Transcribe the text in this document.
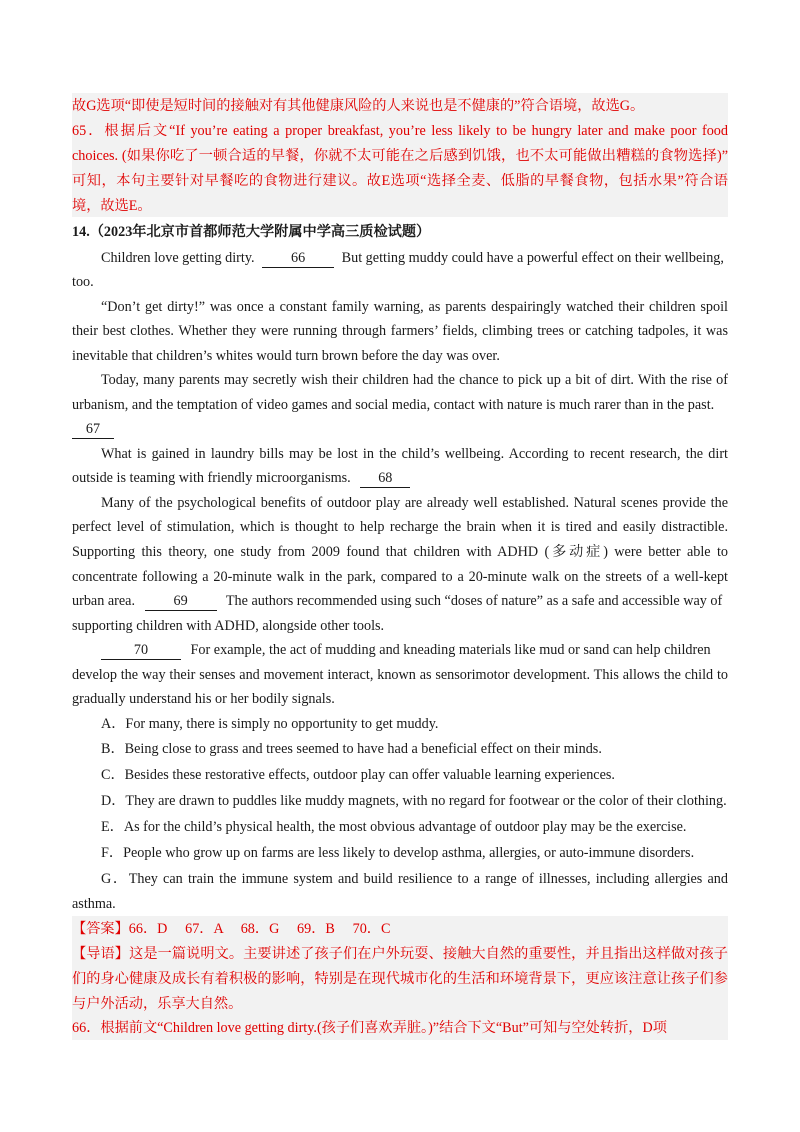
故G选项“即使是短时间的接触对有其他健康风险的人来说也是不健康的”符合语境，故选G。
65．根据后文“If you’re eating a proper breakfast, you’re less likely to be hungry later and make poor food
choices. (如果你吃了一顿合适的早餐，你就不太可能在之后感到饥饿，也不太可能做出糟糕的食物选择)”
可知，本句主要针对早餐吃的食物进行建议。故E选项“选择全麦、低脂的早餐食物，包括水果”符合语
境，故选E。
14.（2023年北京市首都师范大学附属中学高三质检试题）
Children love getting dirty.	66	But getting muddy could have a powerful effect on their wellbeing,
too.
“Don’t get dirty!” was once a constant family warning, as parents despairingly watched their children spoil
their best clothes. Whether they were running through farmers’ fields, climbing trees or catching tadpoles, it was
inevitable that children’s whites would turn brown before the day was over.
Today, many parents may secretly wish their children had the chance to pick up a bit of dirt. With the rise of
urbanism, and the temptation of video games and social media, contact with nature is much rarer than in the past.
67
What is gained in laundry bills may be lost in the child’s wellbeing. According to recent research, the dirt
outside is teaming with friendly microorganisms. 68
Many of the psychological benefits of outdoor play are already well established. Natural scenes provide the
perfect level of stimulation, which is thought to help recharge the brain when it is tired and easily distractible.
Supporting this theory, one study from 2009 found that children with ADHD (多动症) were better able to
concentrate following a 20-minute walk in the park, compared to a 20-minute walk on the streets of a well-kept
urban area.	69	The authors recommended using such “doses of nature” as a safe and accessible way of
supporting children with ADHD, alongside other tools.
70	For example, the act of mudding and kneading materials like mud or sand can help children
develop the way their senses and movement interact, known as sensorimotor development. This allows the child to
gradually understand his or her bodily signals.
A．For many, there is simply no opportunity to get muddy.
B．Being close to grass and trees seemed to have had a beneficial effect on their minds.
C．Besides these restorative effects, outdoor play can offer valuable learning experiences.
D．They are drawn to puddles like muddy magnets, with no regard for footwear or the color of their clothing.
E．As for the child’s physical health, the most obvious advantage of outdoor play may be the exercise.
F．People who grow up on farms are less likely to develop asthma, allergies, or auto-immune disorders.
G．They can train the immune system and build resilience to a range of illnesses, including allergies and
asthma.
【答案】66．D　 67．A　 68．G　 69．B　 70．C
【导语】这是一篇说明文。主要讲述了孩子们在户外玩耍、接触大自然的重要性，并且指出这样做对孩子
们的身心健康及成长有着积极的影响，特别是在现代城市化的生活和环境背景下，更应该注意让孩子们参
与户外活动，乐享大自然。
66．根据前文“Children love getting dirty.(孩子们喜欢弄脏。)”结合下文“But”可知与空处转折，D项
